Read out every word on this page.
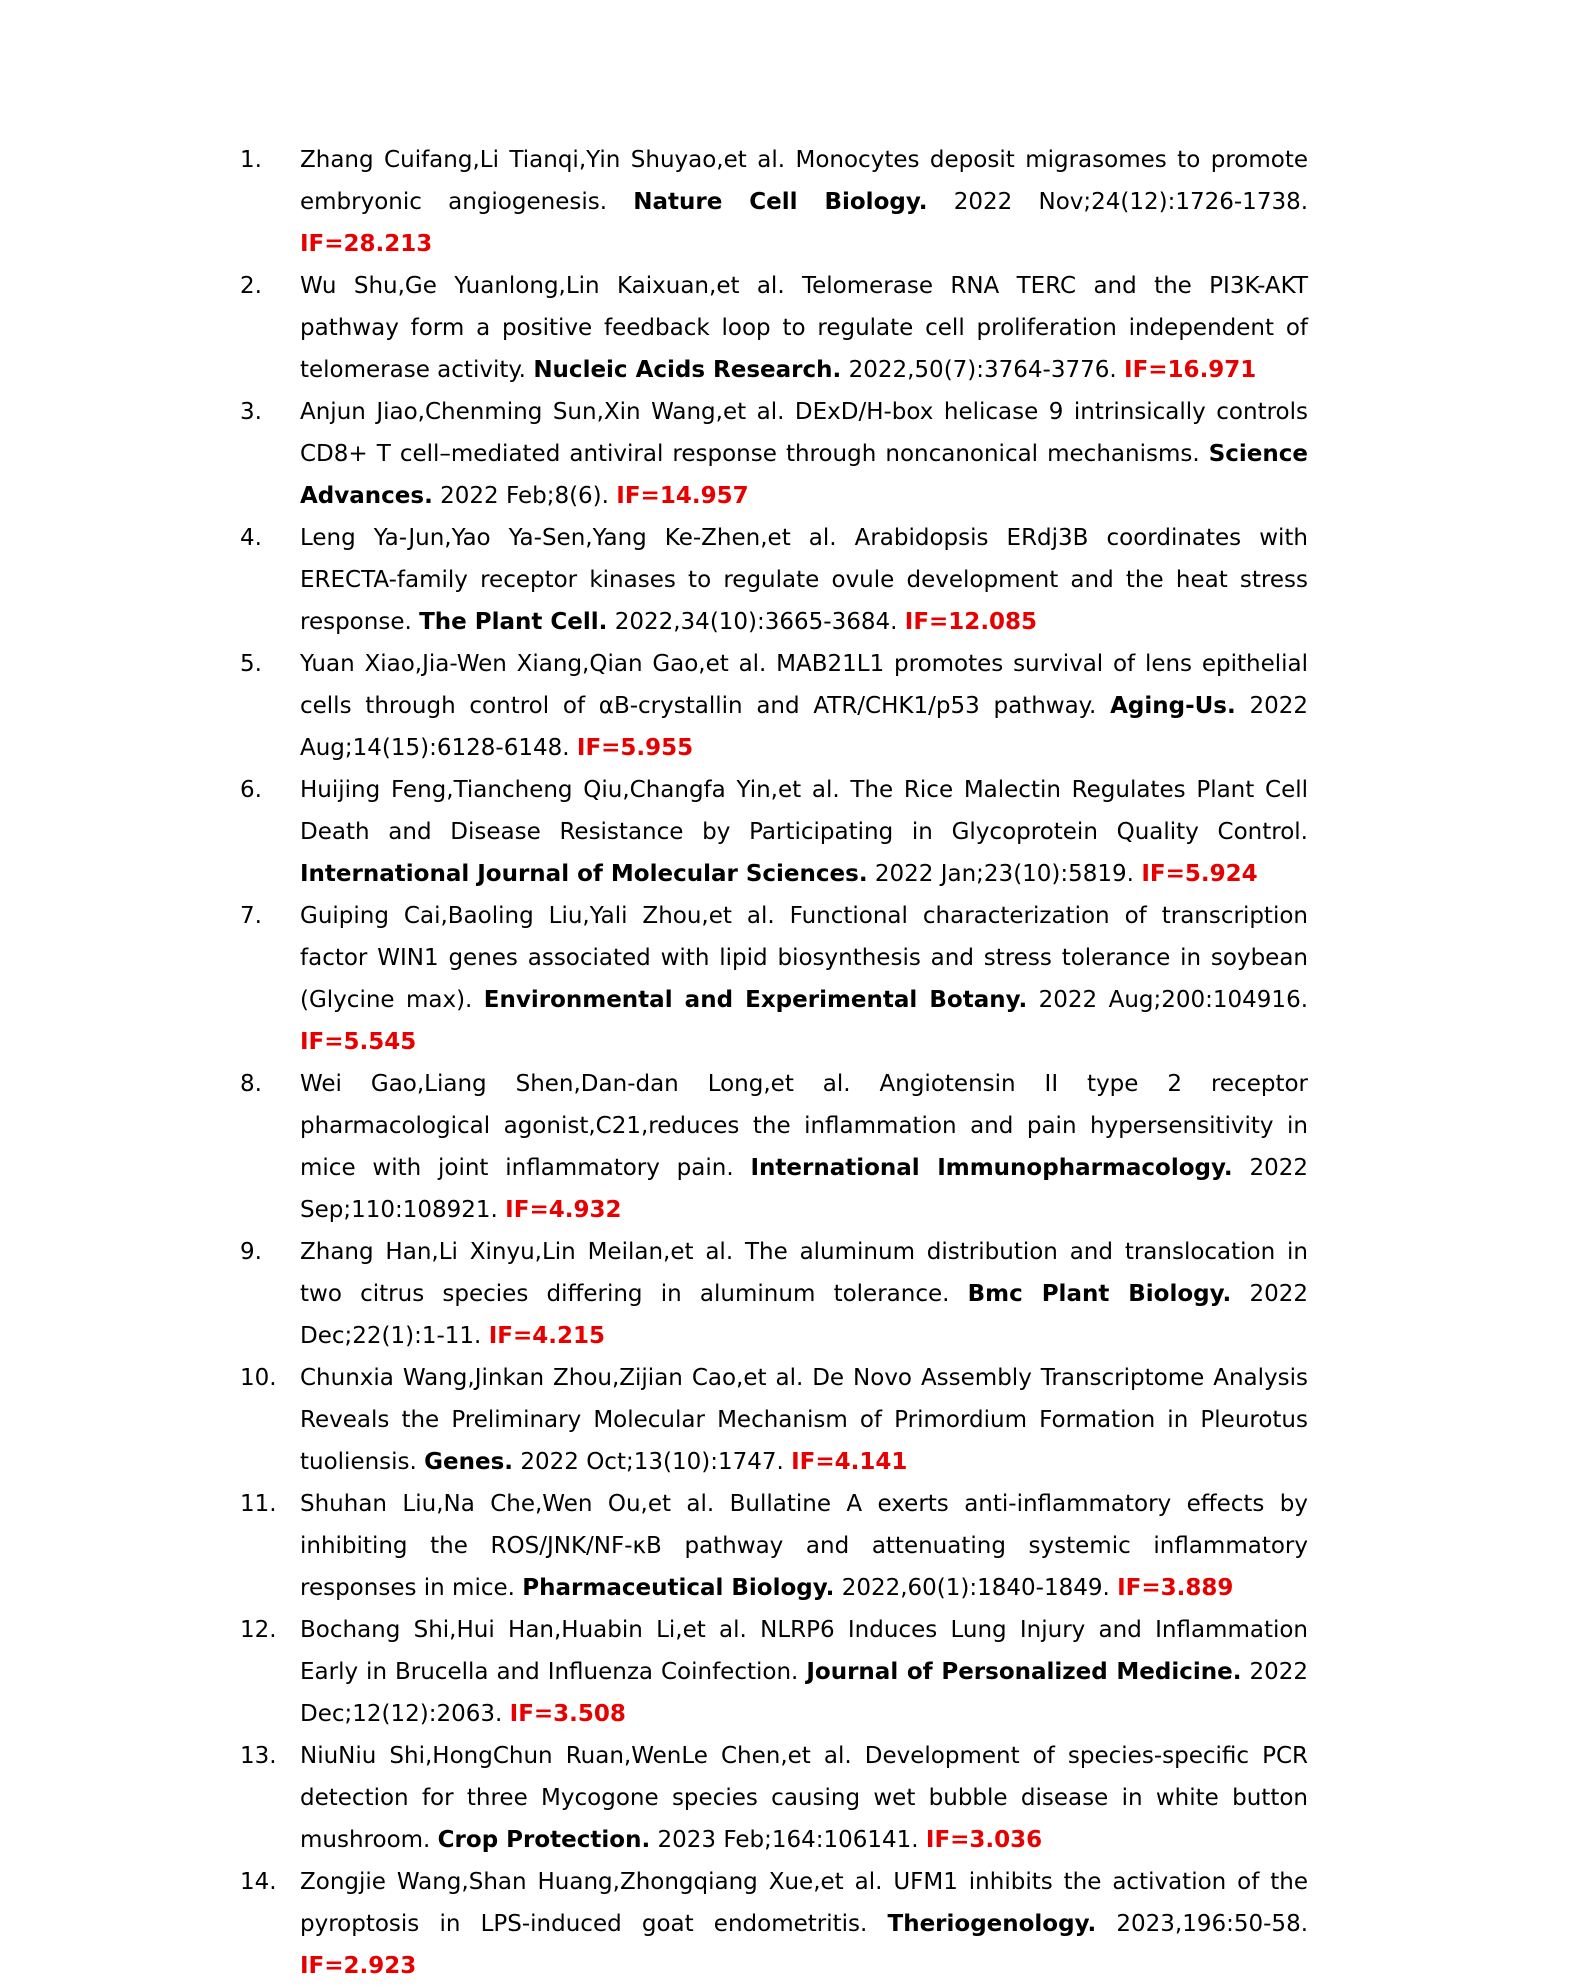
1.	Zhang Cuifang,Li Tianqi,Yin Shuyao,et al. Monocytes deposit migrasomes to promote embryonic angiogenesis. Nature Cell Biology. 2022 Nov;24(12):1726-1738. IF=28.213
2.	Wu Shu,Ge Yuanlong,Lin Kaixuan,et al. Telomerase RNA TERC and the PI3K-AKT pathway form a positive feedback loop to regulate cell proliferation independent of telomerase activity. Nucleic Acids Research. 2022,50(7):3764-3776. IF=16.971
3.	Anjun Jiao,Chenming Sun,Xin Wang,et al. DExD/H-box helicase 9 intrinsically controls CD8+ T cell–mediated antiviral response through noncanonical mechanisms. Science Advances. 2022 Feb;8(6). IF=14.957
4.	Leng Ya-Jun,Yao Ya-Sen,Yang Ke-Zhen,et al. Arabidopsis ERdj3B coordinates with ERECTA-family receptor kinases to regulate ovule development and the heat stress response. The Plant Cell. 2022,34(10):3665-3684. IF=12.085
5.	Yuan Xiao,Jia-Wen Xiang,Qian Gao,et al. MAB21L1 promotes survival of lens epithelial cells through control of αB-crystallin and ATR/CHK1/p53 pathway. Aging-Us. 2022 Aug;14(15):6128-6148. IF=5.955
6.	Huijing Feng,Tiancheng Qiu,Changfa Yin,et al. The Rice Malectin Regulates Plant Cell Death and Disease Resistance by Participating in Glycoprotein Quality Control. International Journal of Molecular Sciences. 2022 Jan;23(10):5819. IF=5.924
7.	Guiping Cai,Baoling Liu,Yali Zhou,et al. Functional characterization of transcription factor WIN1 genes associated with lipid biosynthesis and stress tolerance in soybean (Glycine max). Environmental and Experimental Botany. 2022 Aug;200:104916. IF=5.545
8.	Wei Gao,Liang Shen,Dan-dan Long,et al. Angiotensin II type 2 receptor pharmacological agonist,C21,reduces the inflammation and pain hypersensitivity in mice with joint inflammatory pain. International Immunopharmacology. 2022 Sep;110:108921. IF=4.932
9.	Zhang Han,Li Xinyu,Lin Meilan,et al. The aluminum distribution and translocation in two citrus species differing in aluminum tolerance. Bmc Plant Biology. 2022 Dec;22(1):1-11. IF=4.215
10.	Chunxia Wang,Jinkan Zhou,Zijian Cao,et al. De Novo Assembly Transcriptome Analysis Reveals the Preliminary Molecular Mechanism of Primordium Formation in Pleurotus tuoliensis. Genes. 2022 Oct;13(10):1747. IF=4.141
11.	Shuhan Liu,Na Che,Wen Ou,et al. Bullatine A exerts anti-inflammatory effects by inhibiting the ROS/JNK/NF-κB pathway and attenuating systemic inflammatory responses in mice. Pharmaceutical Biology. 2022,60(1):1840-1849. IF=3.889
12.	Bochang Shi,Hui Han,Huabin Li,et al. NLRP6 Induces Lung Injury and Inflammation Early in Brucella and Influenza Coinfection. Journal of Personalized Medicine. 2022 Dec;12(12):2063. IF=3.508
13.	NiuNiu Shi,HongChun Ruan,WenLe Chen,et al. Development of species-specific PCR detection for three Mycogone species causing wet bubble disease in white button mushroom. Crop Protection. 2023 Feb;164:106141. IF=3.036
14.	Zongjie Wang,Shan Huang,Zhongqiang Xue,et al. UFM1 inhibits the activation of the pyroptosis in LPS-induced goat endometritis. Theriogenology. 2023,196:50-58. IF=2.923
